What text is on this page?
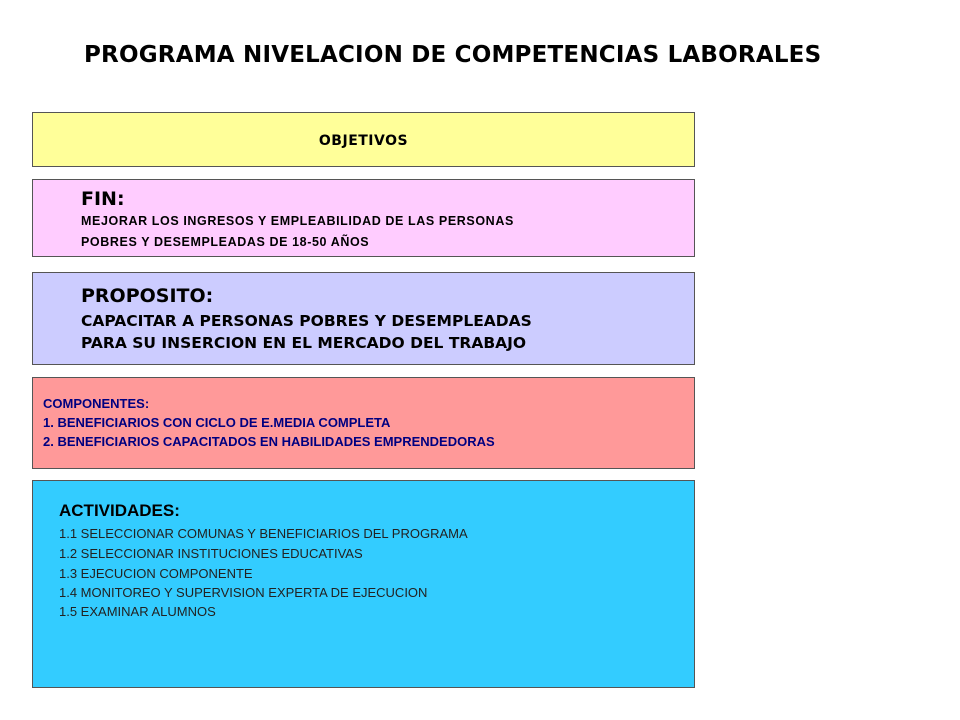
PROGRAMA NIVELACION DE COMPETENCIAS LABORALES
OBJETIVOS
FIN:
MEJORAR LOS INGRESOS Y EMPLEABILIDAD DE LAS PERSONAS
POBRES Y DESEMPLEADAS DE 18-50 AÑOS
PROPOSITO:
CAPACITAR A PERSONAS POBRES Y DESEMPLEADAS
PARA SU INSERCION EN EL MERCADO DEL TRABAJO
COMPONENTES:
1. BENEFICIARIOS CON CICLO DE E.MEDIA COMPLETA
2. BENEFICIARIOS CAPACITADOS EN HABILIDADES EMPRENDEDORAS
ACTIVIDADES:
1.1 SELECCIONAR COMUNAS Y BENEFICIARIOS DEL PROGRAMA
1.2 SELECCIONAR INSTITUCIONES EDUCATIVAS
1.3 EJECUCION COMPONENTE
1.4 MONITOREO Y SUPERVISION EXPERTA DE EJECUCION
1.5 EXAMINAR ALUMNOS
